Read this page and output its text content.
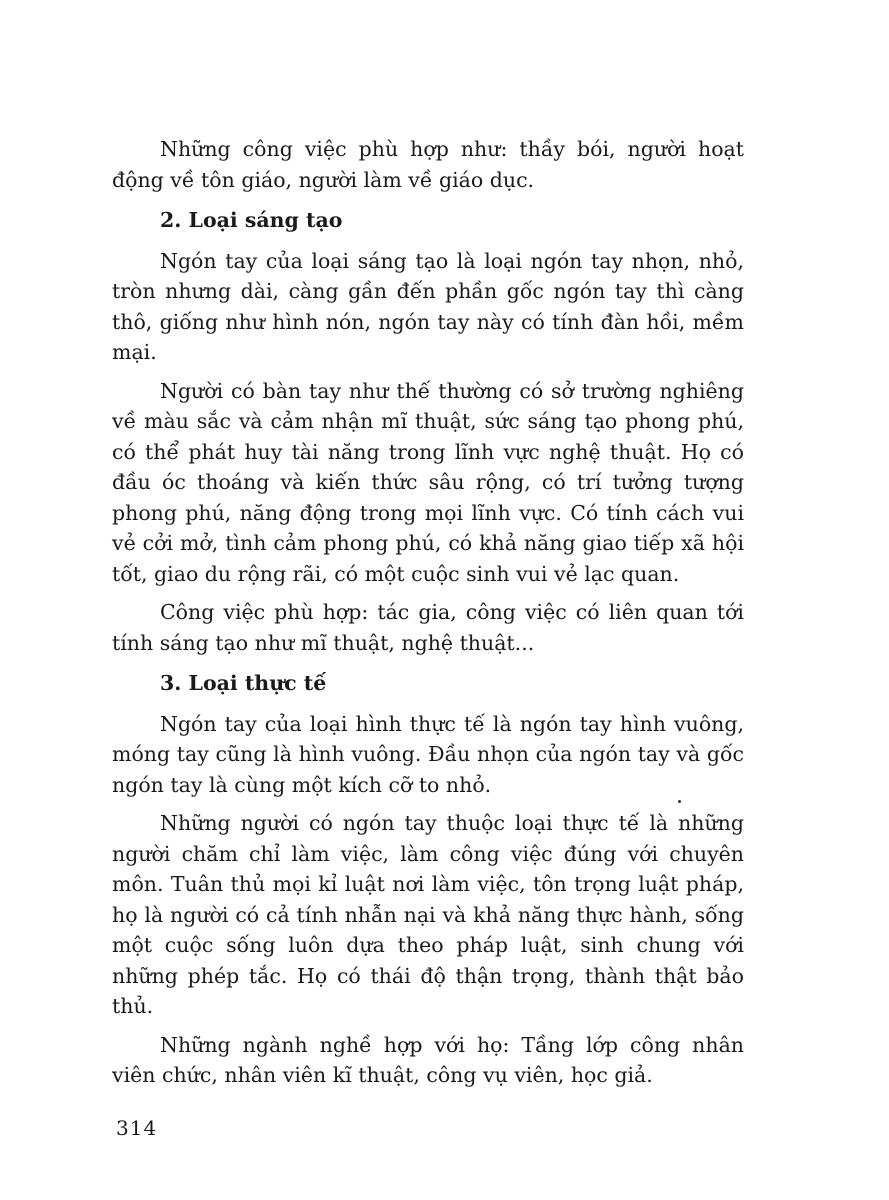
Những công việc phù hợp như: thầy bói, người hoạt động về tôn giáo, người làm về giáo dục.

2. Loại sáng tạo

Ngón tay của loại sáng tạo là loại ngón tay nhọn, nhỏ, tròn nhưng dài, càng gần đến phần gốc ngón tay thì càng thô, giống như hình nón, ngón tay này có tính đàn hồi, mềm mại.

Người có bàn tay như thế thường có sở trường nghiêng về màu sắc và cảm nhận mĩ thuật, sức sáng tạo phong phú, có thể phát huy tài năng trong lĩnh vực nghệ thuật. Họ có đầu óc thoáng và kiến thức sâu rộng, có trí tưởng tượng phong phú, năng động trong mọi lĩnh vực. Có tính cách vui vẻ cởi mở, tình cảm phong phú, có khả năng giao tiếp xã hội tốt, giao du rộng rãi, có một cuộc sinh vui vẻ lạc quan.

Công việc phù hợp: tác gia, công việc có liên quan tới tính sáng tạo như mĩ thuật, nghệ thuật...

3. Loại thực tế

Ngón tay của loại hình thực tế là ngón tay hình vuông, móng tay cũng là hình vuông. Đầu nhọn của ngón tay và gốc ngón tay là cùng một kích cỡ to nhỏ.

Những người có ngón tay thuộc loại thực tế là những người chăm chỉ làm việc, làm công việc đúng với chuyên môn. Tuân thủ mọi kỉ luật nơi làm việc, tôn trọng luật pháp, họ là người có cả tính nhẫn nại và khả năng thực hành, sống một cuộc sống luôn dựa theo pháp luật, sinh chung với những phép tắc. Họ có thái độ thận trọng, thành thật bảo thủ.

Những ngành nghề hợp với họ: Tầng lớp công nhân viên chức, nhân viên kĩ thuật, công vụ viên, học giả.

314
